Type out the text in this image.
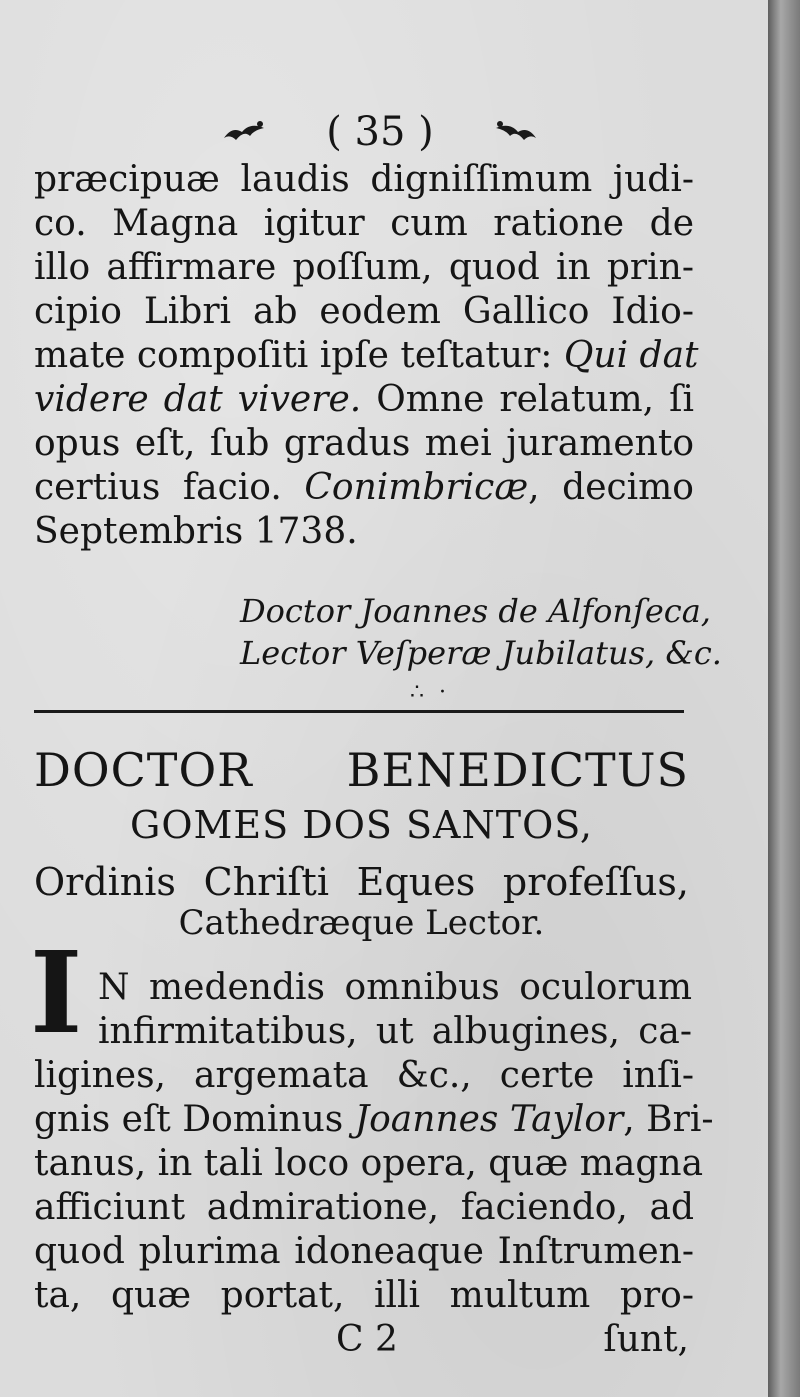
( 35 )
præcipuæ laudis digniſſimum judi-
co. Magna igitur cum ratione de
illo affirmare poſſum, quod in prin-
cipio Libri ab eodem Gallico Idio-
mate compoſiti ipſe teſtatur: Qui dat
videre dat vivere. Omne relatum, ſi
opus eſt, ſub gradus mei juramento
certius facio. Conimbricæ, decimo
Septembris 1738.
Doctor Joannes de Alfonſeca,
Lector Veſperæ Jubilatus, &c.
∴ ·
DOCTOR BENEDICTUS
GOMES DOS SANTOS,
Ordinis Chriſti Eques profeſſus,
Cathedræque Lector.
I N medendis omnibus oculorum
infirmitatibus, ut albugines, ca-
ligines, argemata &c., certe inſi-
gnis eſt Dominus Joannes Taylor, Bri-
tanus, in tali loco opera, quæ magna
afficiunt admiratione, faciendo, ad
quod plurima idoneaque Inſtrumen-
ta, quæ portat, illi multum pro-
C 2	ſunt,
